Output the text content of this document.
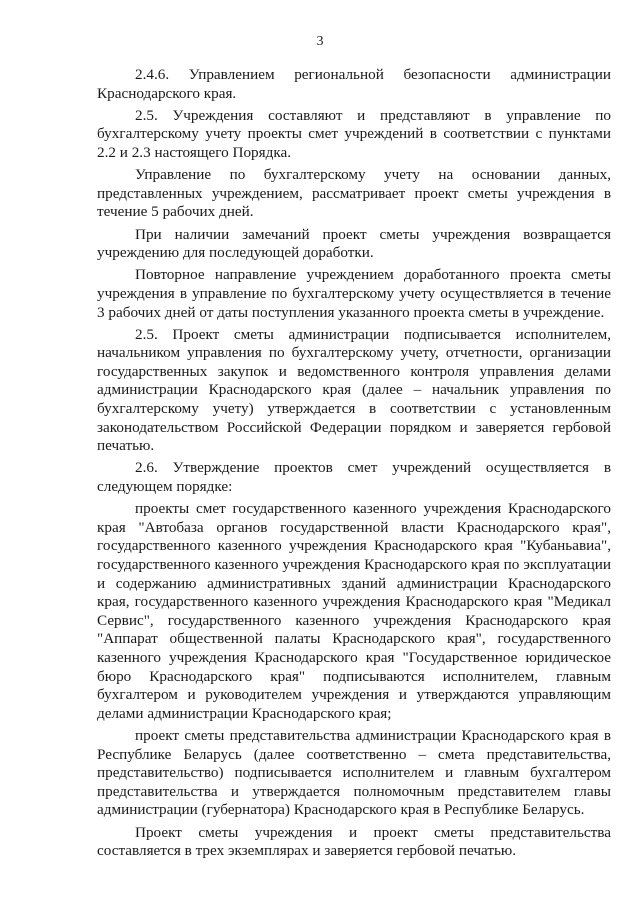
3

2.4.6. Управлением региональной безопасности администрации Краснодарского края.

2.5. Учреждения составляют и представляют в управление по бухгалтерскому учету проекты смет учреждений в соответствии с пунктами 2.2 и 2.3 настоящего Порядка.

Управление по бухгалтерскому учету на основании данных, представленных учреждением, рассматривает проект сметы учреждения в течение 5 рабочих дней.

При наличии замечаний проект сметы учреждения возвращается учреждению для последующей доработки.

Повторное направление учреждением доработанного проекта сметы учреждения в управление по бухгалтерскому учету осуществляется в течение 3 рабочих дней от даты поступления указанного проекта сметы в учреждение.

2.5. Проект сметы администрации подписывается исполнителем, начальником управления по бухгалтерскому учету, отчетности, организации государственных закупок и ведомственного контроля управления делами администрации Краснодарского края (далее – начальник управления по бухгалтерскому учету) утверждается в соответствии с установленным законодательством Российской Федерации порядком и заверяется гербовой печатью.

2.6. Утверждение проектов смет учреждений осуществляется в следующем порядке:

проекты смет государственного казенного учреждения Краснодарского края "Автобаза органов государственной власти Краснодарского края", государственного казенного учреждения Краснодарского края "Кубаньавиа", государственного казенного учреждения Краснодарского края по эксплуатации и содержанию административных зданий администрации Краснодарского края, государственного казенного учреждения Краснодарского края "Медикал Сервис", государственного казенного учреждения Краснодарского края "Аппарат общественной палаты Краснодарского края", государственного казенного учреждения Краснодарского края "Государственное юридическое бюро Краснодарского края" подписываются исполнителем, главным бухгалтером и руководителем учреждения и утверждаются управляющим делами администрации Краснодарского края;

проект сметы представительства администрации Краснодарского края в Республике Беларусь (далее соответственно – смета представительства, представительство) подписывается исполнителем и главным бухгалтером представительства и утверждается полномочным представителем главы администрации (губернатора) Краснодарского края в Республике Беларусь.

Проект сметы учреждения и проект сметы представительства составляется в трех экземплярах и заверяется гербовой печатью.
